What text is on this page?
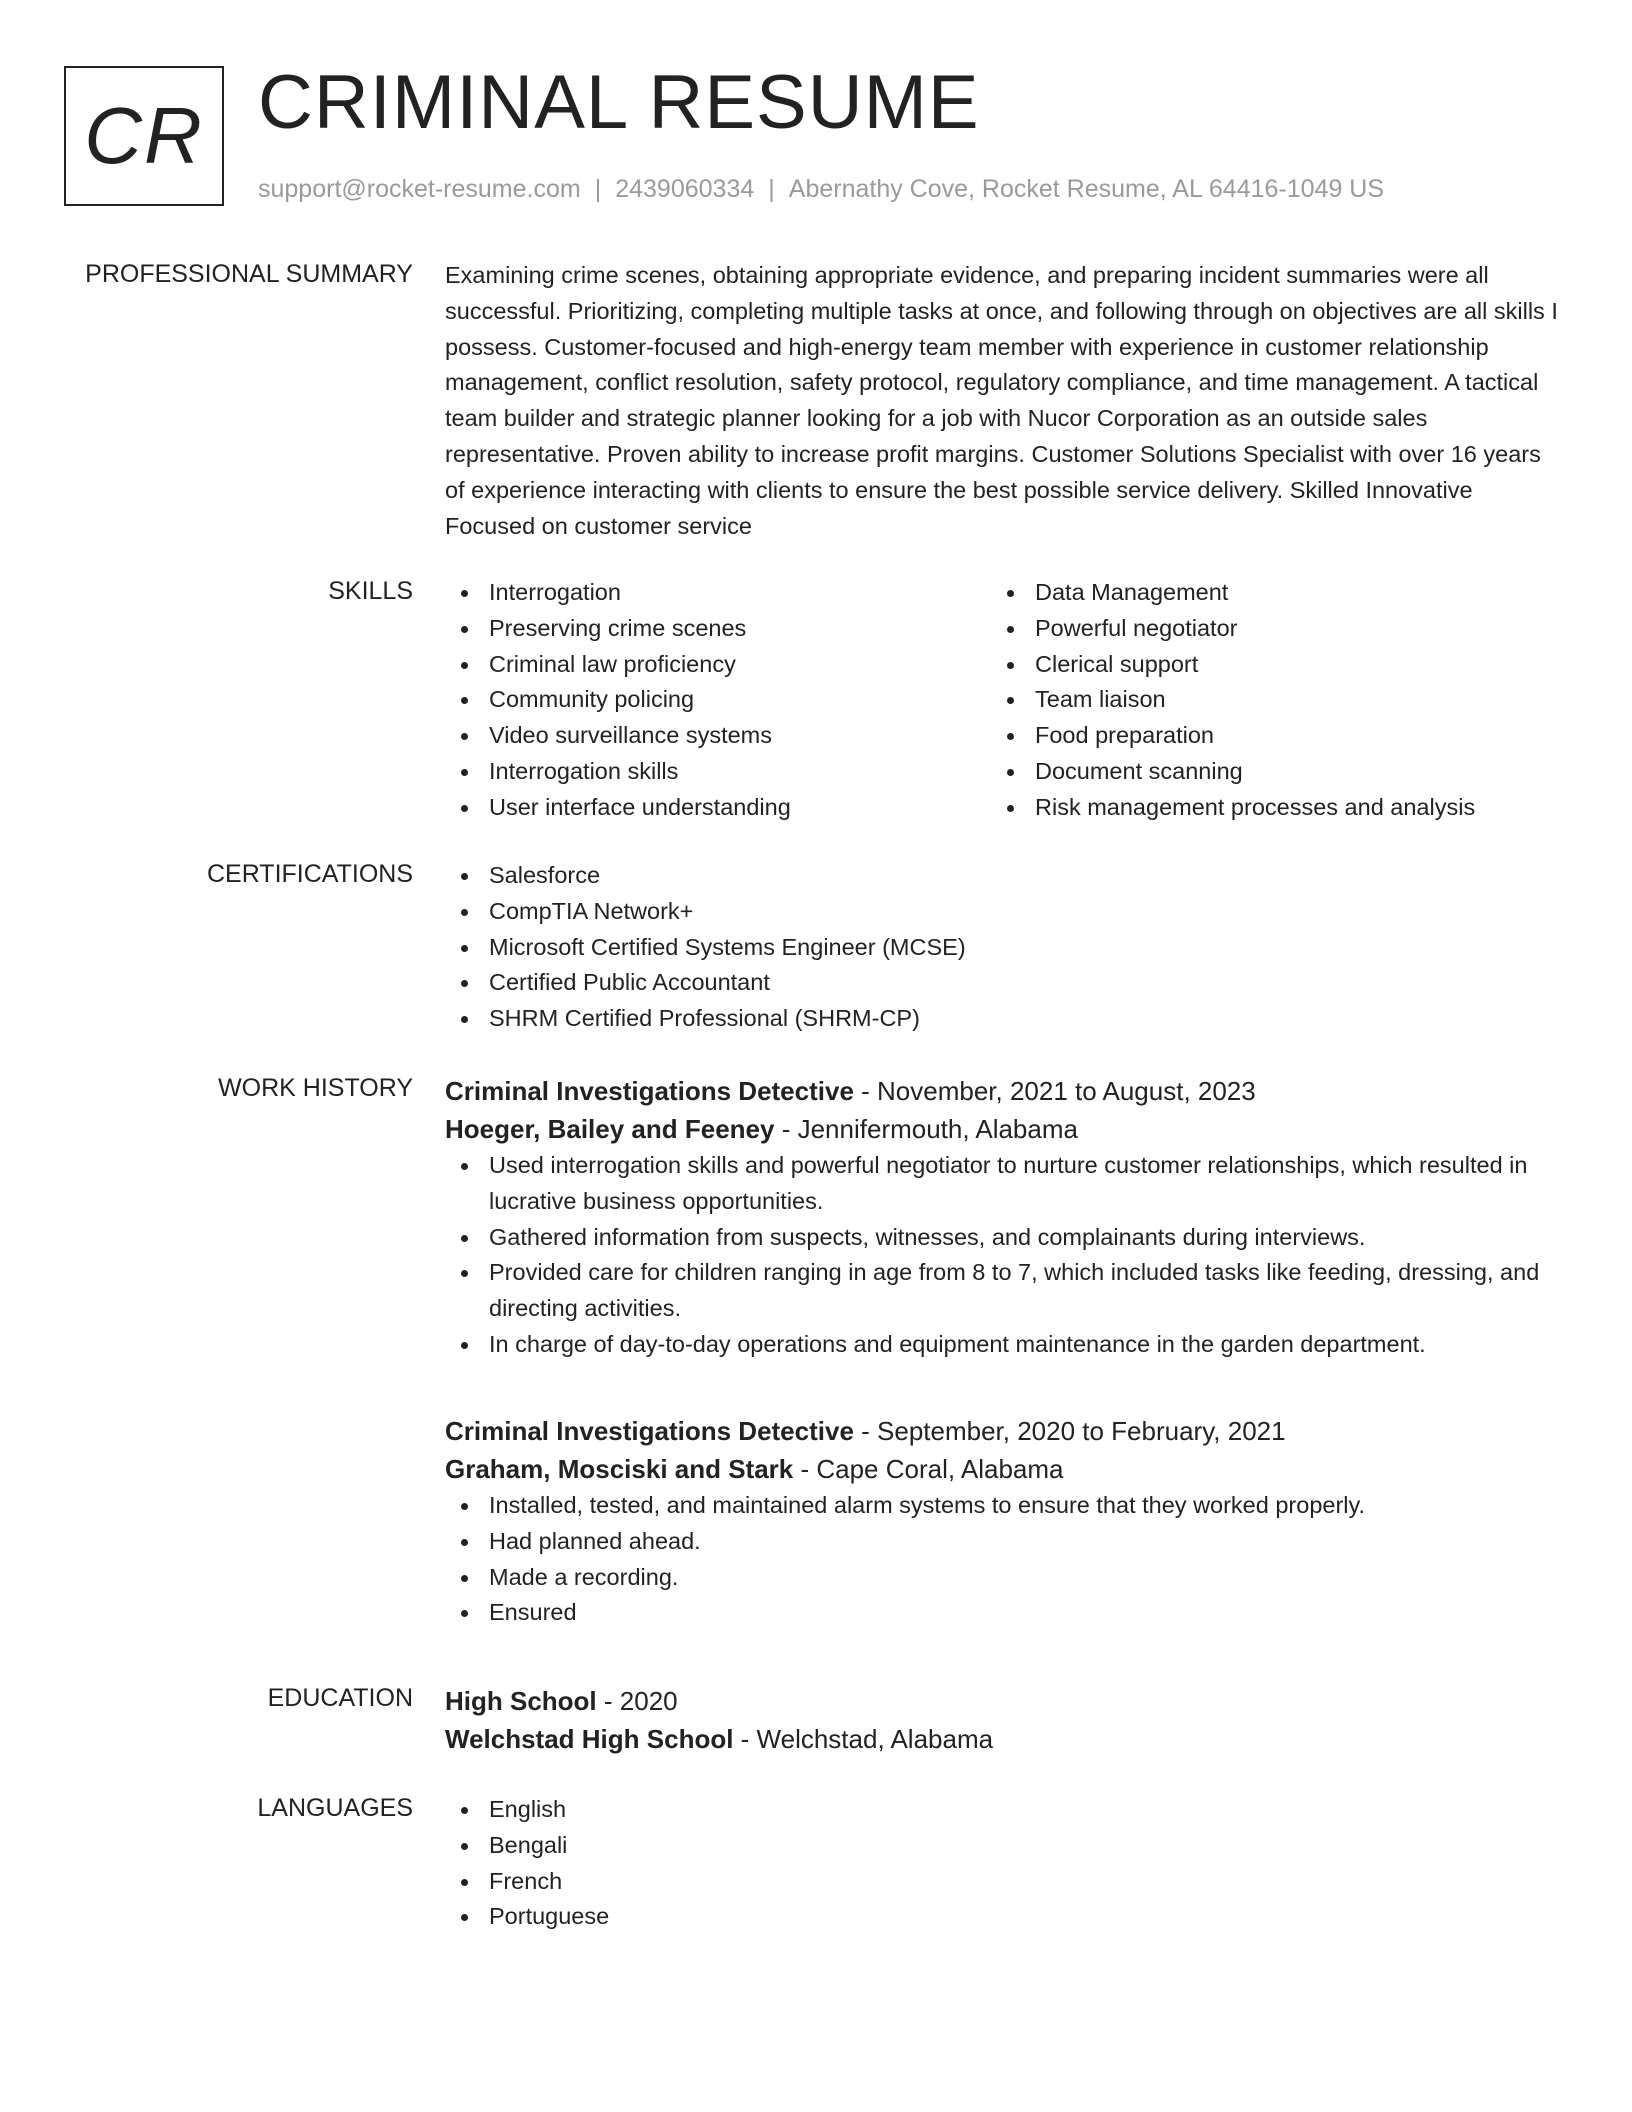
CR CRIMINAL RESUME
support@rocket-resume.com | 2439060334 | Abernathy Cove, Rocket Resume, AL 64416-1049 US
PROFESSIONAL SUMMARY Examining crime scenes, obtaining appropriate evidence, and preparing incident summaries were all successful. Prioritizing, completing multiple tasks at once, and following through on objectives are all skills I possess. Customer-focused and high-energy team member with experience in customer relationship management, conflict resolution, safety protocol, regulatory compliance, and time management. A tactical team builder and strategic planner looking for a job with Nucor Corporation as an outside sales representative. Proven ability to increase profit margins. Customer Solutions Specialist with over 16 years of experience interacting with clients to ensure the best possible service delivery. Skilled Innovative Focused on customer service

SKILLS	Interrogation
Preserving crime scenes
Criminal law proficiency
Community policing
Video surveillance systems
Interrogation skills
User interface understanding
Data Management
Powerful negotiator
Clerical support
Team liaison
Food preparation
Document scanning
Risk management processes and analysis
CERTIFICATIONS	Salesforce
CompTIA Network+
Microsoft Certified Systems Engineer (MCSE)
Certified Public Accountant
SHRM Certified Professional (SHRM-CP)
WORK HISTORY Criminal Investigations Detective - November, 2021 to August, 2023
Hoeger, Bailey and Feeney - Jennifermouth, Alabama
Used interrogation skills and powerful negotiator to nurture customer relationships, which resulted in lucrative business opportunities.
Gathered information from suspects, witnesses, and complainants during interviews.
Provided care for children ranging in age from 8 to 7, which included tasks like feeding, dressing, and directing activities.
In charge of day-to-day operations and equipment maintenance in the garden department.
Criminal Investigations Detective - September, 2020 to February, 2021
Graham, Mosciski and Stark - Cape Coral, Alabama
Installed, tested, and maintained alarm systems to ensure that they worked properly.
Had planned ahead.
Made a recording.
Ensured
EDUCATION High School - 2020
Welchstad High School - Welchstad, Alabama
LANGUAGES	English
Bengali
French
Portuguese
